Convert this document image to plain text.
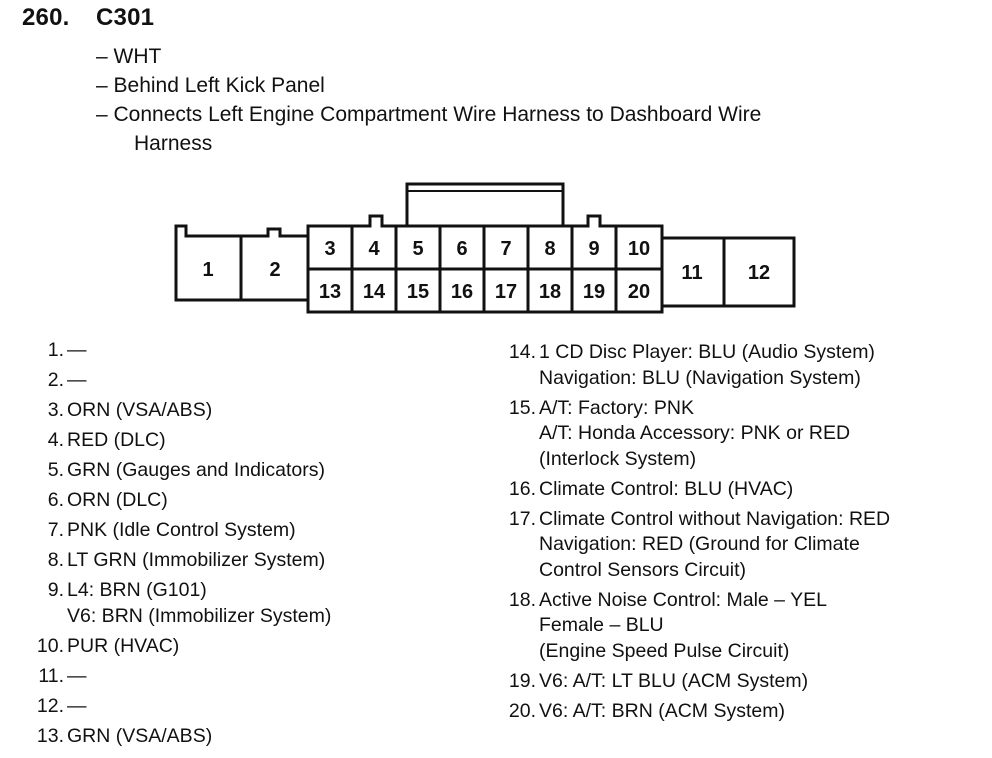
260. C301
– WHT
– Behind Left Kick Panel
– Connects Left Engine Compartment Wire Harness to Dashboard Wire
Harness
1	2
3 4 5 6 7 8 9 10
11 12
13 14 15 16 17 18 19 20
1. —
2. —
3. ORN (VSA/ABS)
4. RED (DLC)
5. GRN (Gauges and Indicators)
6. ORN (DLC)
7. PNK (Idle Control System)
8. LT GRN (Immobilizer System)
9. L4: BRN (G101)
V6: BRN (Immobilizer System)
10. PUR (HVAC)
11. —
12. —
13. GRN (VSA/ABS)
14. 1 CD Disc Player: BLU (Audio System)
Navigation: BLU (Navigation System)
15. A/T: Factory: PNK
A/T: Honda Accessory: PNK or RED
(Interlock System)
16. Climate Control: BLU (HVAC)
17. Climate Control without Navigation: RED
Navigation: RED (Ground for Climate
Control Sensors Circuit)
18. Active Noise Control: Male – YEL
Female – BLU
(Engine Speed Pulse Circuit)
19. V6: A/T: LT BLU (ACM System)
20. V6: A/T: BRN (ACM System)
